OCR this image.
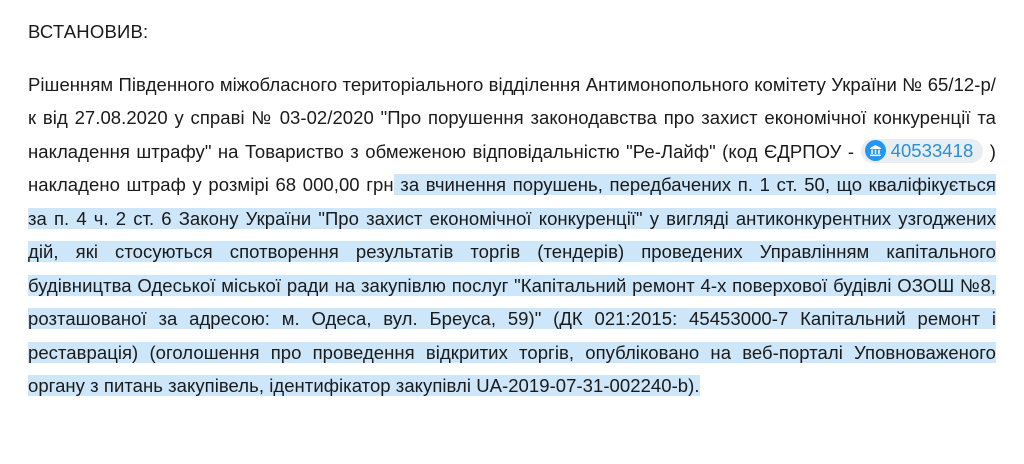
ВСТАНОВИВ:

Рішенням Південного міжобласного територіального відділення Антимонопольного комітету України № 65/12-р/к від 27.08.2020 у справі № 03-02/2020 "Про порушення законодавства про захист економічної конкуренції та накладення штрафу" на Товариство з обмеженою відповідальністю "Ре-Лайф" (код ЄДРПОУ -
40533418 ) накладено штраф у розмірі 68 000,00 грн за вчинення порушень, передбачених п. 1 ст. 50, що кваліфікується за п. 4 ч. 2 ст. 6 Закону України "Про захист економічної конкуренції" у вигляді антиконкурентних узгоджених дій, які стосуються спотворення результатів торгів (тендерів) проведених Управлінням капітального будівництва Одеської міської ради на закупівлю послуг "Капітальний ремонт 4-х поверхової будівлі ОЗОШ №8, розташованої за адресою: м. Одеса, вул. Бреуса, 59)" (ДК 021:2015: 45453000-7 Капітальний ремонт і реставрація) (оголошення про проведення відкритих торгів, опубліковано на веб-порталі Уповноваженого органу з питань закупівель, ідентифікатор закупівлі UA-2019-07-31-002240-b).
